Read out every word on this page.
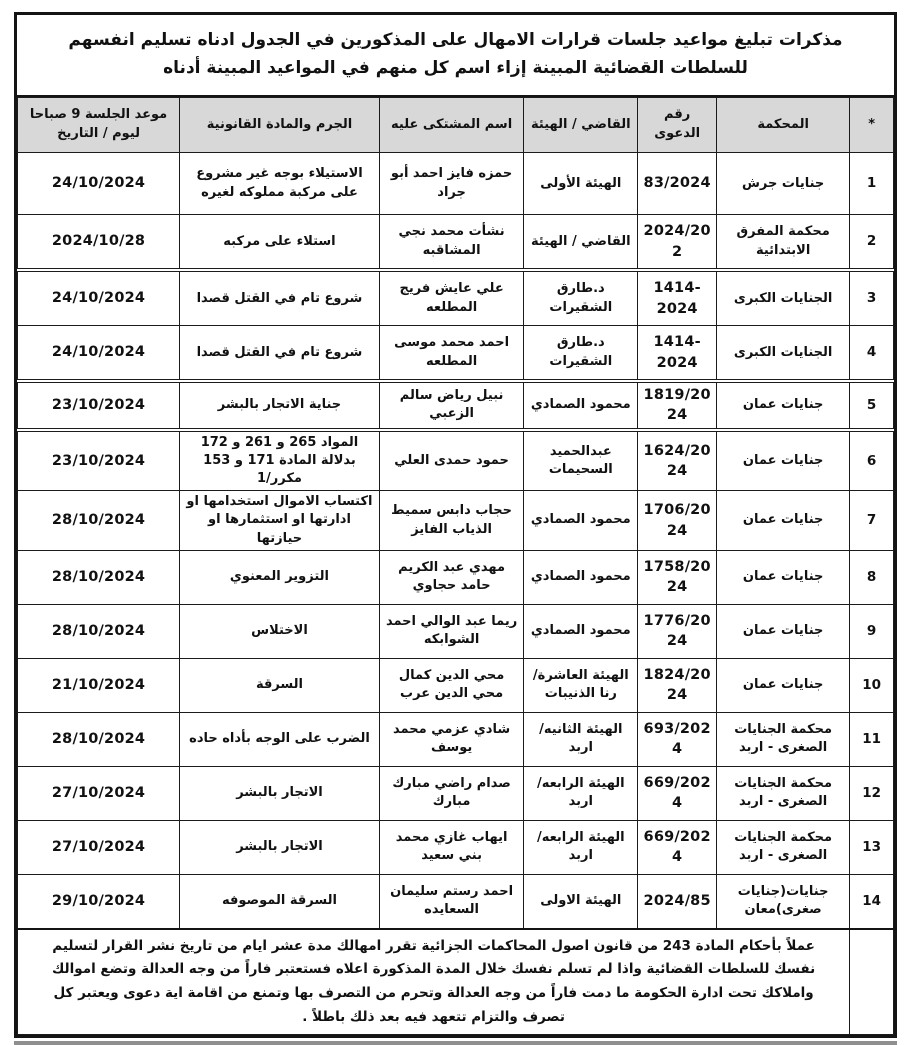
مذكرات تبليغ مواعيد جلسات قرارات الامهال على المذكورين في الجدول ادناه تسليم انفسهم للسلطات القضائية المبينة إزاء اسم كل منهم في المواعيد المبينة أدناه
*	المحكمة	رقم الدعوى	القاضي / الهيئة	اسم المشتكى عليه	الجرم والمادة القانونية	موعد الجلسة 9 صباحا ليوم / التاريخ
1	جنايات جرش	83/2024	الهيئة الأولى	حمزه فايز احمد أبو جراد	الاستيلاء بوجه غير مشروع على مركبة مملوكه لغيره	24/10/2024
2	محكمة المفرق الابتدائية	2024/202	القاضي / الهيئة	نشأت محمد نجي المشاقبه	استلاء على مركبه	2024/10/28
3	الجنايات الكبرى	1414-2024	د.طارق الشقيرات	علي عايش فريج المطلعه	شروع تام في القتل قصدا	24/10/2024
4	الجنايات الكبرى	1414-2024	د.طارق الشقيرات	احمد محمد موسى المطلعه	شروع تام في القتل قصدا	24/10/2024
5	جنايات عمان	1819/2024	محمود الصمادي	نبيل رياض سالم الزعبي	جناية الاتجار بالبشر	23/10/2024
6	جنايات عمان	1624/2024	عبدالحميد السحيمات	حمود حمدى العلي	المواد 265 و 261 و 172 بدلالة المادة 171 و 153 مكرر/1	23/10/2024
7	جنايات عمان	1706/2024	محمود الصمادي	حجاب دابس سميط الذياب الفايز	اكتساب الاموال استخدامها او ادارتها او استثمارها او حيازتها	28/10/2024
8	جنايات عمان	1758/2024	محمود الصمادي	مهدي عبد الكريم حامد حجاوي	التزوير المعنوي	28/10/2024
9	جنايات عمان	1776/2024	محمود الصمادي	ريما عبد الوالي احمد الشوابكه	الاختلاس	28/10/2024
10	جنايات عمان	1824/2024	الهيئة العاشرة/رنا الذنيبات	محي الدين كمال محي الدين عرب	السرقة	21/10/2024
11	محكمة الجنايات الصغرى - اربد	693/2024	الهيئة الثانيه/ اربد	شادي عزمي محمد يوسف	الضرب على الوجه بأداه حاده	28/10/2024
12	محكمة الجنايات الصغرى - اربد	669/2024	الهيئة الرابعه/ اربد	صدام راضي مبارك مبارك	الاتجار بالبشر	27/10/2024
13	محكمة الجنايات الصغرى - اربد	669/2024	الهيئة الرابعه/ اربد	ايهاب غازي محمد بني سعيد	الاتجار بالبشر	27/10/2024
14	جنايات(جنايات صغرى)معان	2024/85	الهيئة الاولى	احمد رستم سليمان السعايده	السرقة الموصوفه	29/10/2024
	عملاً بأحكام المادة 243 من قانون اصول المحاكمات الجزائية تقرر امهالك مدة عشر ايام من تاريخ نشر القرار لتسليم نفسك للسلطات القضائية واذا لم تسلم نفسك خلال المدة المذكورة اعلاه فستعتبر فاراً من وجه العدالة وتضع اموالك واملاكك تحت ادارة الحكومة ما دمت فاراً من وجه العدالة وتحرم من التصرف بها وتمنع من اقامة اية دعوى ويعتبر كل تصرف والتزام تتعهد فيه بعد ذلك باطلاً .					
